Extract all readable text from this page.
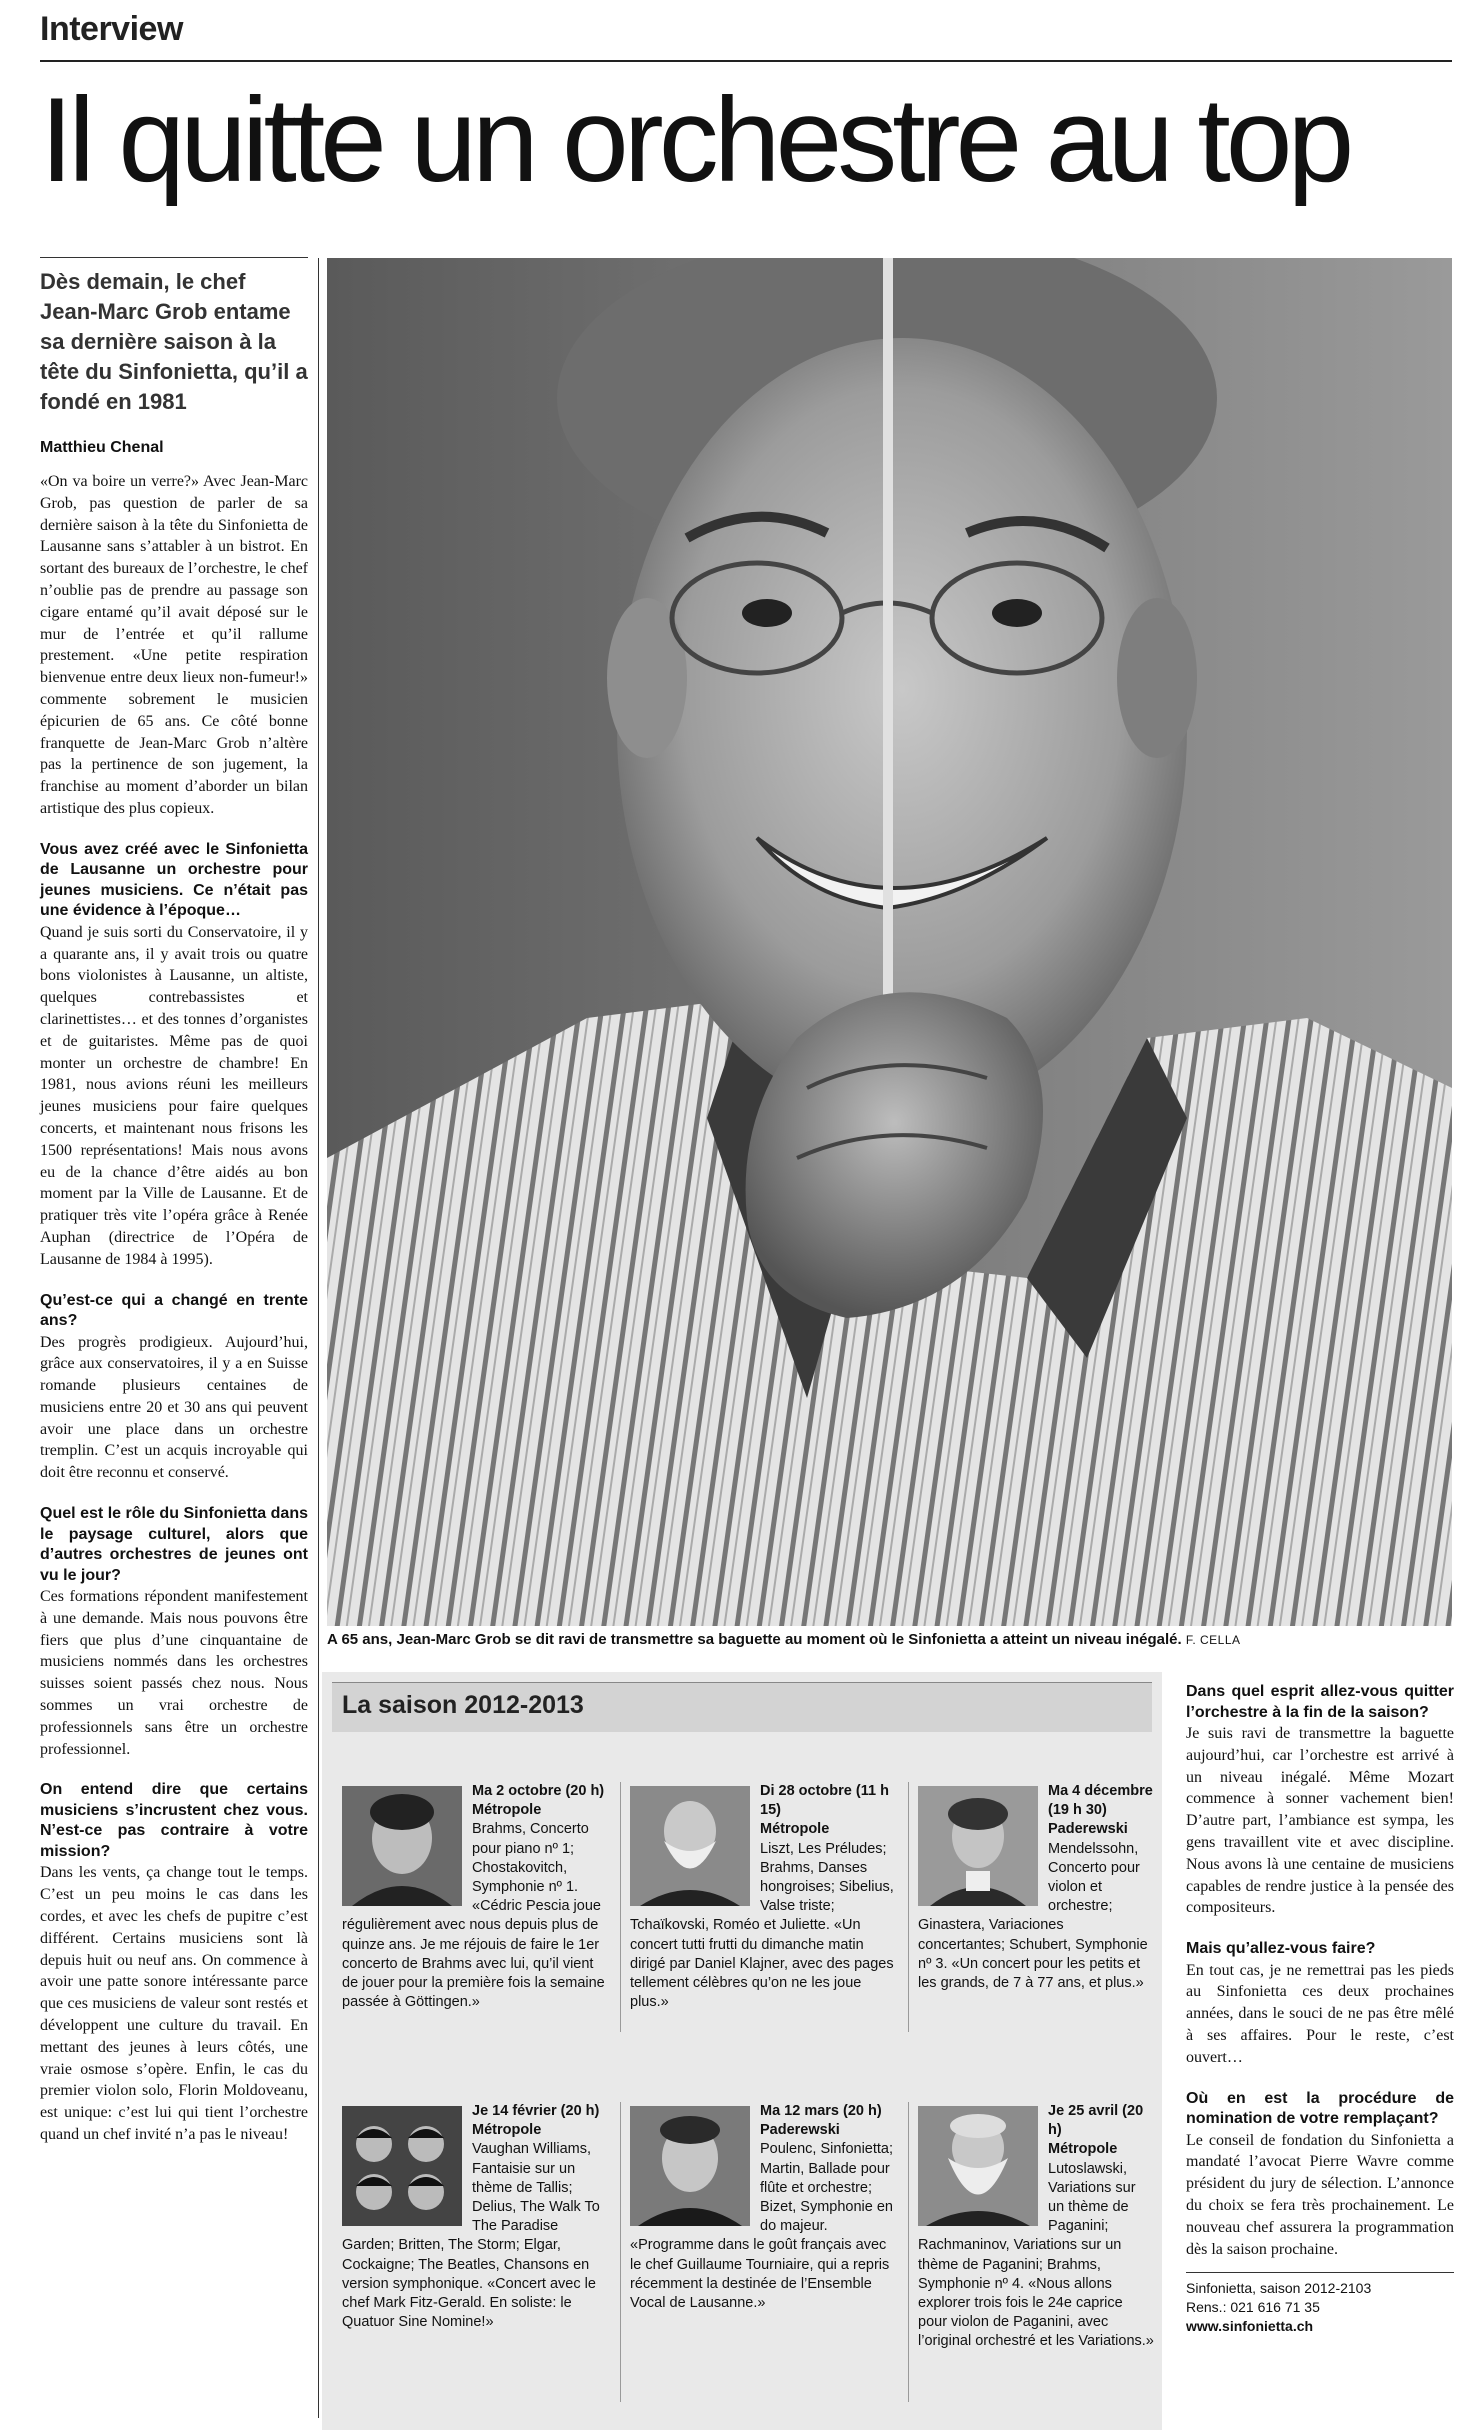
Interview
Il quitte un orchestre au top
Dès demain, le chef Jean-Marc Grob entame sa dernière saison à la tête du Sinfonietta, qu’il a fondé en 1981
Matthieu Chenal

«On va boire un verre?» Avec Jean-Marc Grob, pas question de parler de sa dernière saison à la tête du Sinfonietta de Lausanne sans s’attabler à un bistrot. En sortant des bureaux de l’orchestre, le chef n’oublie pas de prendre au passage son cigare entamé qu’il avait déposé sur le mur de l’entrée et qu’il rallume prestement. «Une petite respiration bienvenue entre deux lieux non-fumeur!» commente sobrement le musicien épicurien de 65 ans. Ce côté bonne franquette de Jean-Marc Grob n’altère pas la pertinence de son jugement, la franchise au moment d’aborder un bilan artistique des plus copieux.

Vous avez créé avec le Sinfonietta de Lausanne un orchestre pour jeunes musiciens. Ce n’était pas une évidence à l’époque…

Quand je suis sorti du Conservatoire, il y a quarante ans, il y avait trois ou quatre bons violonistes à Lausanne, un altiste, quelques contrebassistes et clarinettistes… et des tonnes d’organistes et de guitaristes. Même pas de quoi monter un orchestre de chambre! En 1981, nous avions réuni les meilleurs jeunes musiciens pour faire quelques concerts, et maintenant nous frisons les 1500 représentations! Mais nous avons eu de la chance d’être aidés au bon moment par la Ville de Lausanne. Et de pratiquer très vite l’opéra grâce à Renée Auphan (directrice de l’Opéra de Lausanne de 1984 à 1995).

Qu’est-ce qui a changé en trente ans?

Des progrès prodigieux. Aujourd’hui, grâce aux conservatoires, il y a en Suisse romande plusieurs centaines de musiciens entre 20 et 30 ans qui peuvent avoir une place dans un orchestre tremplin. C’est un acquis incroyable qui doit être reconnu et conservé.

Quel est le rôle du Sinfonietta dans le paysage culturel, alors que d’autres orchestres de jeunes ont vu le jour?

Ces formations répondent manifestement à une demande. Mais nous pouvons être fiers que plus d’une cinquantaine de musiciens nommés dans les orchestres suisses soient passés chez nous. Nous sommes un vrai orchestre de professionnels sans être un orchestre professionnel.

On entend dire que certains musiciens s’incrustent chez vous. N’est-ce pas contraire à votre mission?

Dans les vents, ça change tout le temps. C’est un peu moins le cas dans les cordes, et avec les chefs de pupitre c’est différent. Certains musiciens sont là depuis huit ou neuf ans. On commence à avoir une patte sonore intéressante parce que ces musiciens de valeur sont restés et développent une culture du travail. En mettant des jeunes à leurs côtés, une vraie osmose s’opère. Enfin, le cas du premier violon solo, Florin Moldoveanu, est unique: c’est lui qui tient l’orchestre quand un chef invité n’a pas le niveau!

A 65 ans, Jean-Marc Grob se dit ravi de transmettre sa baguette au moment où le Sinfonietta a atteint un niveau inégalé. F. CELLA
La saison 2012-2013
Ma 2 octobre (20 h)
Métropole
Brahms, Concerto pour piano nº 1; Chostakovitch, Symphonie nº 1. «Cédric Pescia joue régulièrement avec nous depuis plus de quinze ans. Je me réjouis de faire le 1er concerto de Brahms avec lui, qu’il vient de jouer pour la première fois la semaine passée à Göttingen.»
Di 28 octobre (11 h 15)
Métropole
Liszt, Les Préludes; Brahms, Danses hongroises; Sibelius, Valse triste; Tchaïkovski, Roméo et Juliette. «Un concert tutti frutti du dimanche matin dirigé par Daniel Klajner, avec des pages tellement célèbres qu’on ne les joue plus.»
Ma 4 décembre (19 h 30)
Paderewski
Mendelssohn, Concerto pour violon et orchestre; Ginastera, Variaciones concertantes; Schubert, Symphonie nº 3. «Un concert pour les petits et les grands, de 7 à 77 ans, et plus.»
Je 14 février (20 h)
Métropole
Vaughan Williams, Fantaisie sur un thème de Tallis; Delius, The Walk To The Paradise Garden; Britten, The Storm; Elgar, Cockaigne; The Beatles, Chansons en version symphonique. «Concert avec le chef Mark Fitz-Gerald. En soliste: le Quatuor Sine Nomine!»
Ma 12 mars (20 h)
Paderewski
Poulenc, Sinfonietta; Martin, Ballade pour flûte et orchestre; Bizet, Symphonie en do majeur. «Programme dans le goût français avec le chef Guillaume Tourniaire, qui a repris récemment la destinée de l’Ensemble Vocal de Lausanne.»
Je 25 avril (20 h)
Métropole
Lutoslawski, Variations sur un thème de Paganini; Rachmaninov, Variations sur un thème de Paganini; Brahms, Symphonie nº 4. «Nous allons explorer trois fois le 24e caprice pour violon de Paganini, avec l’original orchestré et les Variations.»
Dans quel esprit allez-vous quitter l’orchestre à la fin de la saison?

Je suis ravi de transmettre la baguette aujourd’hui, car l’orchestre est arrivé à un niveau inégalé. Même Mozart commence à sonner vachement bien! D’autre part, l’ambiance est sympa, les gens travaillent vite et avec discipline. Nous avons là une centaine de musiciens capables de rendre justice à la pensée des compositeurs.

Mais qu’allez-vous faire?

En tout cas, je ne remettrai pas les pieds au Sinfonietta ces deux prochaines années, dans le souci de ne pas être mêlé à ses affaires. Pour le reste, c’est ouvert…

Où en est la procédure de nomination de votre remplaçant?

Le conseil de fondation du Sinfonietta a mandaté l’avocat Pierre Wavre comme président du jury de sélection. L’annonce du choix se fera très prochainement. Le nouveau chef assurera la programmation dès la saison prochaine.

Sinfonietta, saison 2012-2103
Rens.: 021 616 71 35
www.sinfonietta.ch
